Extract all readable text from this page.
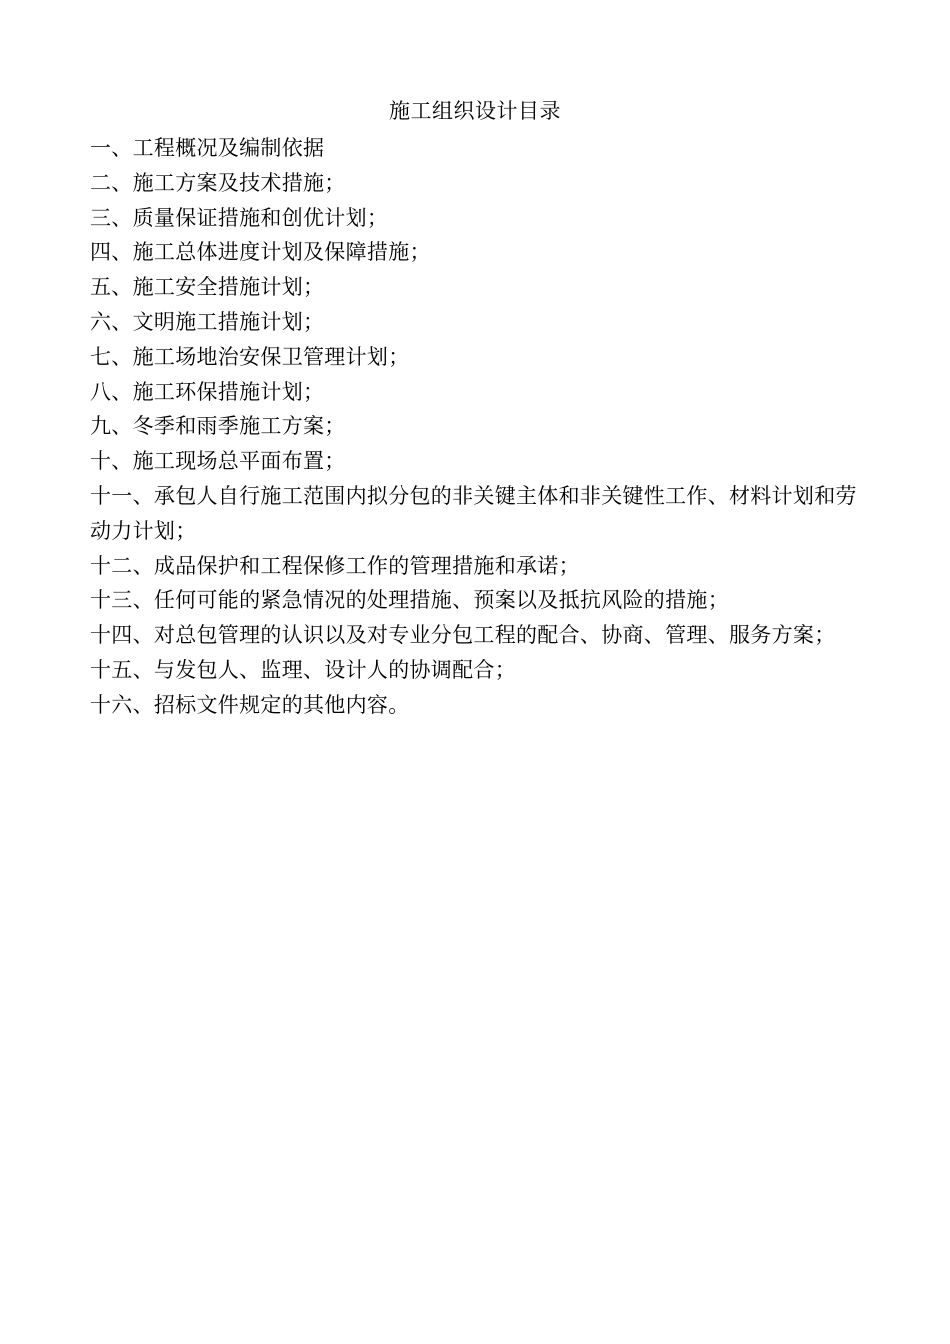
施工组织设计目录
一、工程概况及编制依据
二、施工方案及技术措施；
三、质量保证措施和创优计划；
四、施工总体进度计划及保障措施；
五、施工安全措施计划；
六、文明施工措施计划；
七、施工场地治安保卫管理计划；
八、施工环保措施计划；
九、冬季和雨季施工方案；
十、施工现场总平面布置；
十一、承包人自行施工范围内拟分包的非关键主体和非关键性工作、材料计划和劳动力计划；
十二、成品保护和工程保修工作的管理措施和承诺；
十三、任何可能的紧急情况的处理措施、预案以及抵抗风险的措施；
十四、对总包管理的认识以及对专业分包工程的配合、协商、管理、服务方案；
十五、与发包人、监理、设计人的协调配合；
十六、招标文件规定的其他内容。
